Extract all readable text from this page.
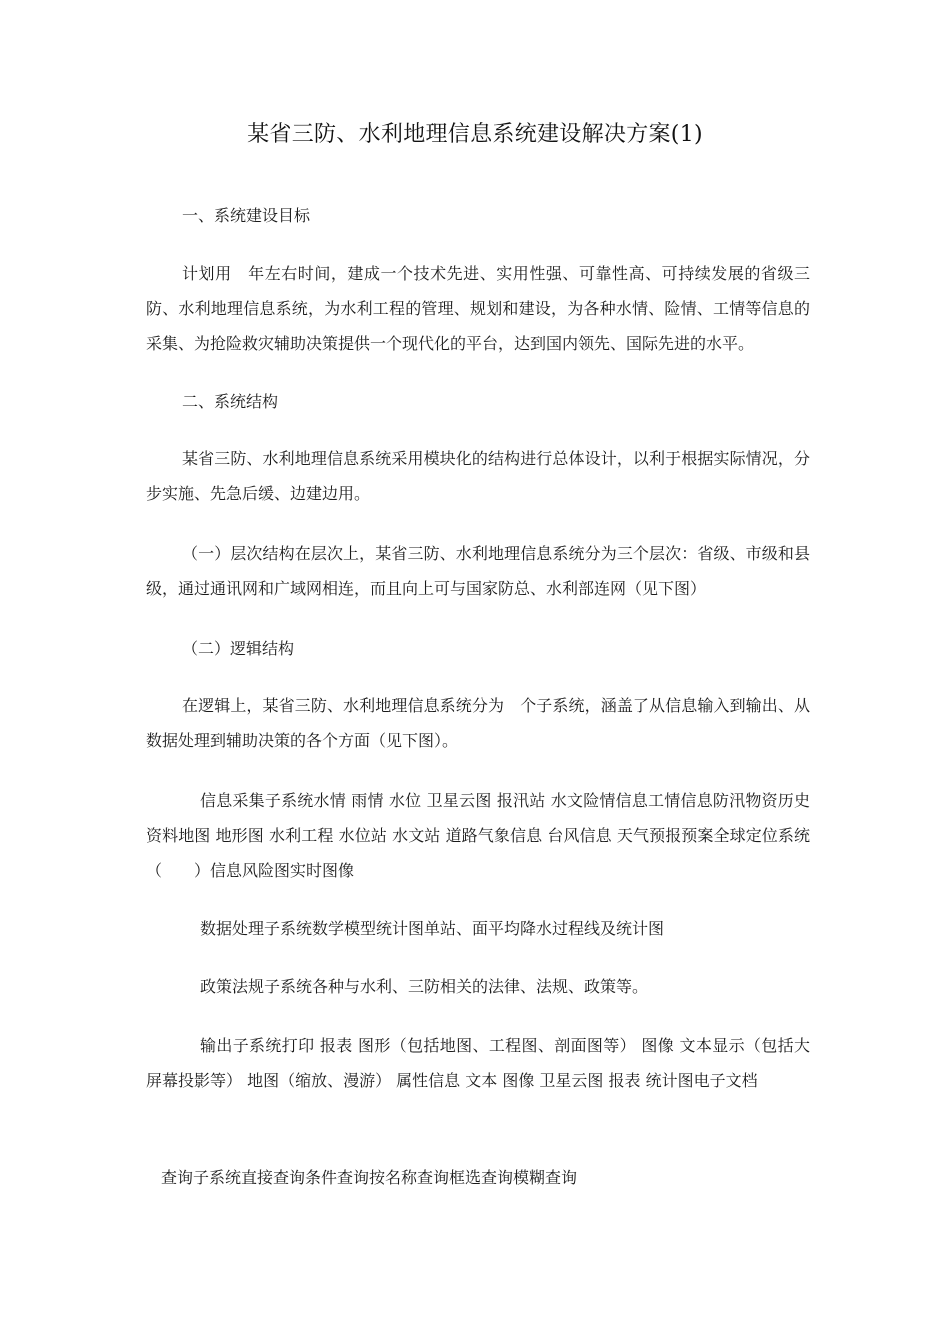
某省三防、水利地理信息系统建设解决方案(1)

一、系统建设目标

计划用　年左右时间，建成一个技术先进、实用性强、可靠性高、可持续发展的省级三防、水利地理信息系统，为水利工程的管理、规划和建设，为各种水情、险情、工情等信息的采集、为抢险救灾辅助决策提供一个现代化的平台，达到国内领先、国际先进的水平。

二、系统结构

某省三防、水利地理信息系统采用模块化的结构进行总体设计，以利于根据实际情况，分步实施、先急后缓、边建边用。

（一）层次结构在层次上，某省三防、水利地理信息系统分为三个层次：省级、市级和县级，通过通讯网和广域网相连，而且向上可与国家防总、水利部连网（见下图）

（二）逻辑结构

在逻辑上，某省三防、水利地理信息系统分为　个子系统，涵盖了从信息输入到输出、从数据处理到辅助决策的各个方面（见下图）。

信息采集子系统水情 雨情 水位 卫星云图 报汛站 水文险情信息工情信息防汛物资历史资料地图 地形图 水利工程 水位站 水文站 道路气象信息 台风信息 天气预报预案全球定位系统（　　）信息风险图实时图像

数据处理子系统数学模型统计图单站、面平均降水过程线及统计图

政策法规子系统各种与水利、三防相关的法律、法规、政策等。

输出子系统打印 报表 图形（包括地图、工程图、剖面图等） 图像 文本显示（包括大屏幕投影等） 地图（缩放、漫游） 属性信息 文本 图像 卫星云图 报表 统计图电子文档

查询子系统直接查询条件查询按名称查询框选查询模糊查询
